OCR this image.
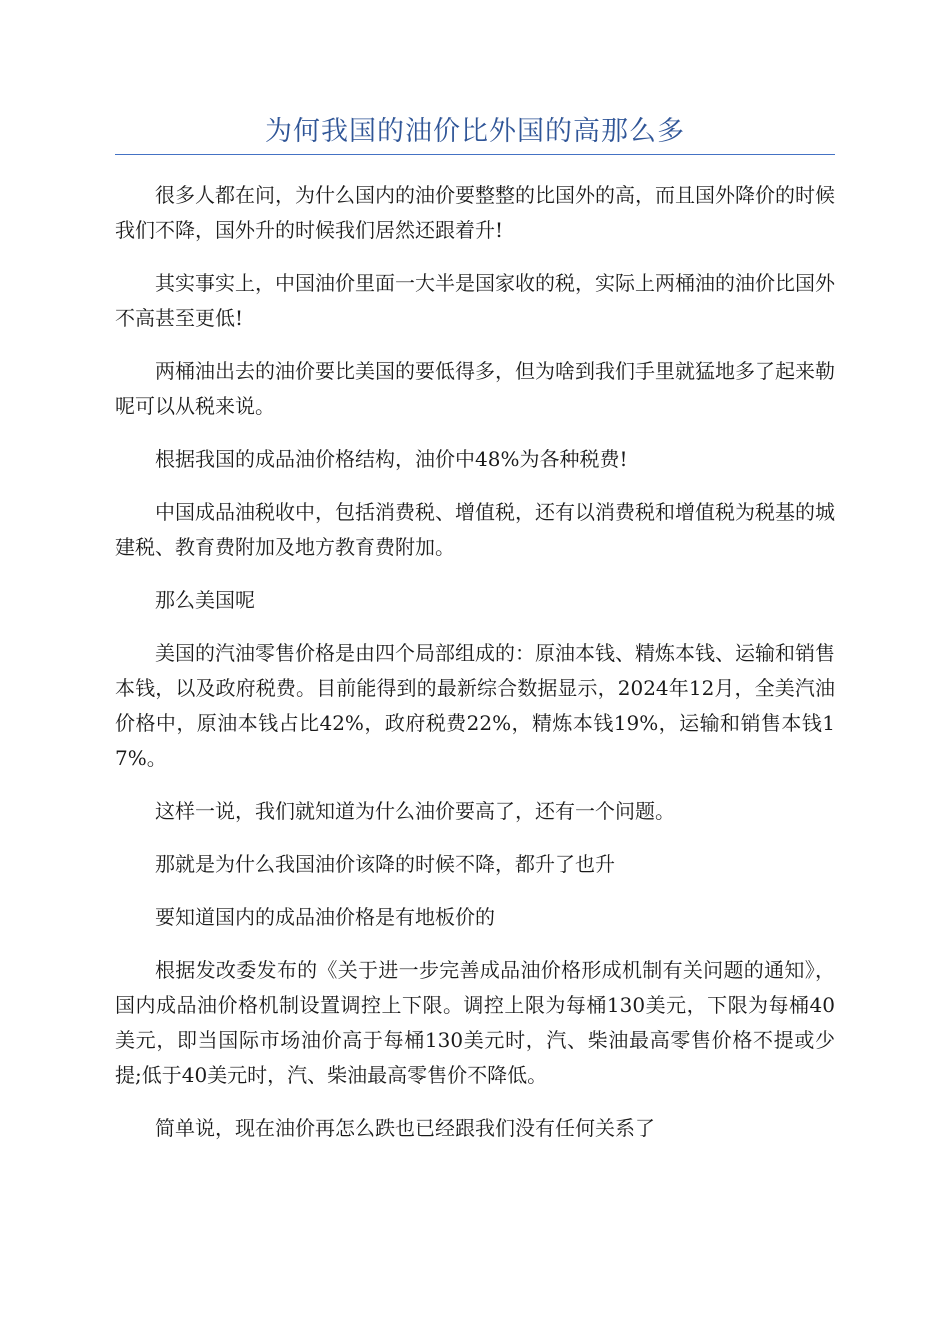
为何我国的油价比外国的高那么多

很多人都在问，为什么国内的油价要整整的比国外的高，而且国外降价的时候我们不降，国外升的时候我们居然还跟着升!

其实事实上，中国油价里面一大半是国家收的税，实际上两桶油的油价比国外不高甚至更低!

两桶油出去的油价要比美国的要低得多，但为啥到我们手里就猛地多了起来勒呢可以从税来说。

根据我国的成品油价格结构，油价中48%为各种税费!

中国成品油税收中，包括消费税、增值税，还有以消费税和增值税为税基的城建税、教育费附加及地方教育费附加。

那么美国呢

美国的汽油零售价格是由四个局部组成的：原油本钱、精炼本钱、运输和销售本钱，以及政府税费。目前能得到的最新综合数据显示，2024年12月，全美汽油价格中，原油本钱占比42%，政府税费22%，精炼本钱19%，运输和销售本钱17%。

这样一说，我们就知道为什么油价要高了，还有一个问题。

那就是为什么我国油价该降的时候不降，都升了也升

要知道国内的成品油价格是有地板价的

根据发改委发布的《关于进一步完善成品油价格形成机制有关问题的通知》，国内成品油价格机制设置调控上下限。调控上限为每桶130美元，下限为每桶40美元，即当国际市场油价高于每桶130美元时，汽、柴油最高零售价格不提或少提;低于40美元时，汽、柴油最高零售价不降低。

简单说，现在油价再怎么跌也已经跟我们没有任何关系了
